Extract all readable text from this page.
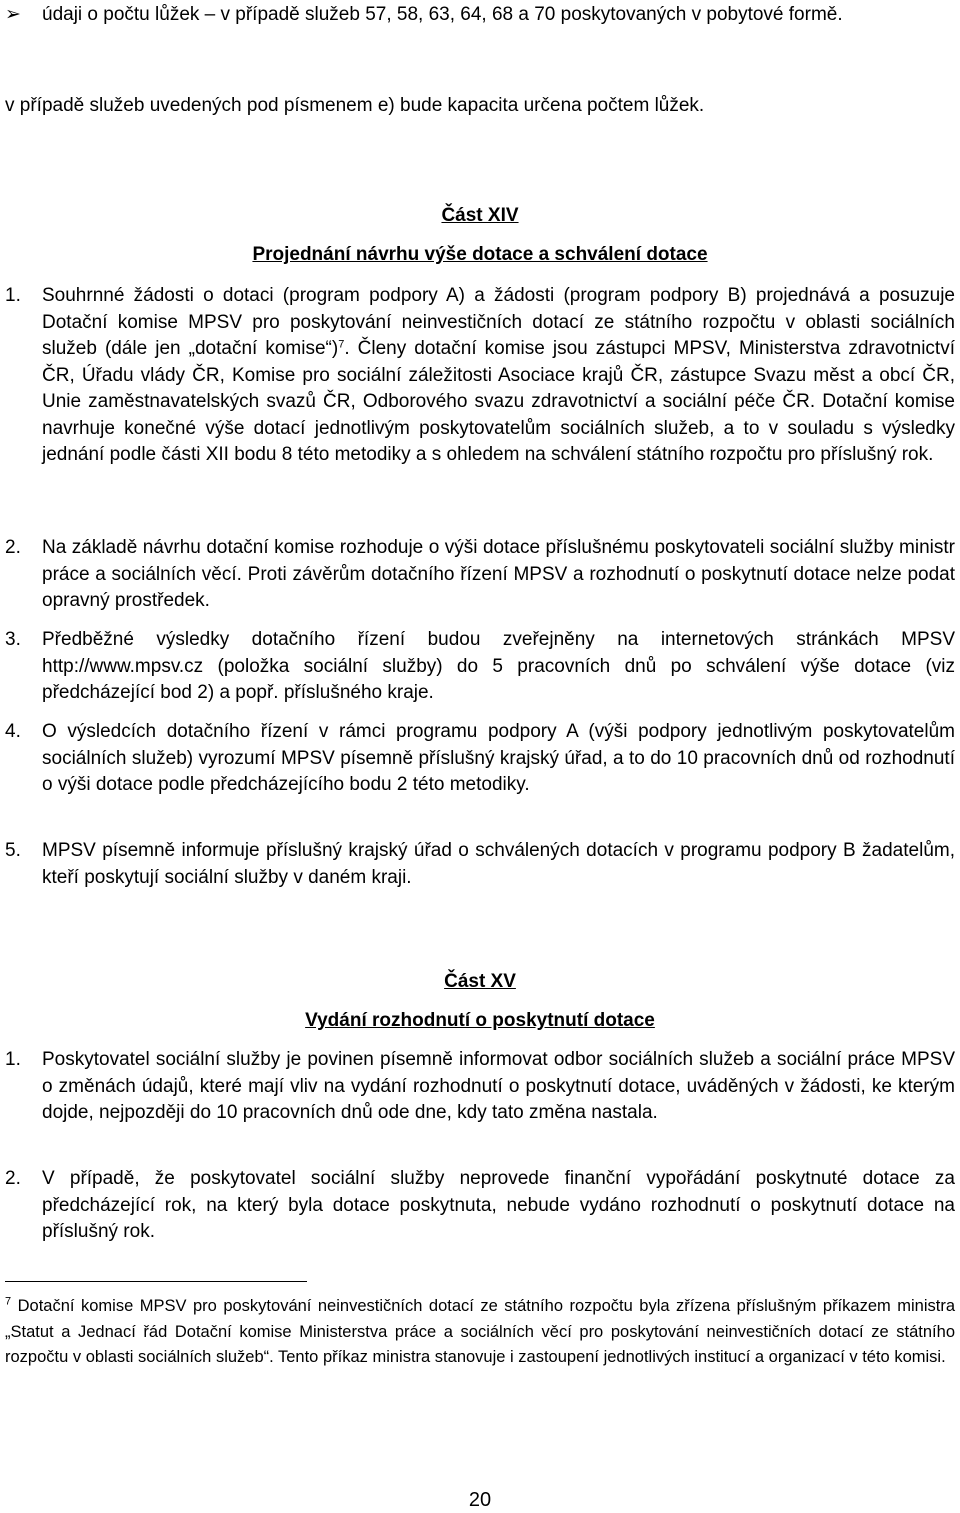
➢	údaji o počtu lůžek – v případě služeb 57, 58, 63, 64, 68 a 70 poskytovaných v pobytové formě.
v případě služeb uvedených pod písmenem e) bude kapacita určena počtem lůžek.
Část XIV
Projednání návrhu výše dotace a schválení dotace
1. Souhrnné žádosti o dotaci (program podpory A) a žádosti (program podpory B) projednává a posuzuje Dotační komise MPSV pro poskytování neinvestičních dotací ze státního rozpočtu v oblasti sociálních služeb (dále jen „dotační komise“)$^7$. Členy dotační komise jsou zástupci MPSV, Ministerstva zdravotnictví ČR, Úřadu vlády ČR, Komise pro sociální záležitosti Asociace krajů ČR, zástupce Svazu měst a obcí ČR, Unie zaměstnavatelských svazů ČR, Odborového svazu zdravotnictví a sociální péče ČR. Dotační komise navrhuje konečné výše dotací jednotlivým poskytovatelům sociálních služeb, a to v souladu s výsledky jednání podle části XII bodu 8 této metodiky a s ohledem na schválení státního rozpočtu pro příslušný rok.
2. Na základě návrhu dotační komise rozhoduje o výši dotace příslušnému poskytovateli sociální služby ministr práce a sociálních věcí. Proti závěrům dotačního řízení MPSV a rozhodnutí o poskytnutí dotace nelze podat opravný prostředek.
3. Předběžné výsledky dotačního řízení budou zveřejněny na internetových stránkách MPSV http://www.mpsv.cz (položka sociální služby) do 5 pracovních dnů po schválení výše dotace (viz předcházející bod 2) a popř. příslušného kraje.
4. O výsledcích dotačního řízení v rámci programu podpory A (výši podpory jednotlivým poskytovatelům sociálních služeb) vyrozumí MPSV písemně příslušný krajský úřad, a to do 10 pracovních dnů od rozhodnutí o výši dotace podle předcházejícího bodu 2 této metodiky.
5. MPSV písemně informuje příslušný krajský úřad o schválených dotacích v programu podpory B žadatelům, kteří poskytují sociální služby v daném kraji.
Část XV
Vydání rozhodnutí o poskytnutí dotace
1. Poskytovatel sociální služby je povinen písemně informovat odbor sociálních služeb a sociální práce MPSV o změnách údajů, které mají vliv na vydání rozhodnutí o poskytnutí dotace, uváděných v žádosti, ke kterým dojde, nejpozději do 10 pracovních dnů ode dne, kdy tato změna nastala.
2. V případě, že poskytovatel sociální služby neprovede finanční vypořádání poskytnuté dotace za předcházející rok, na který byla dotace poskytnuta, nebude vydáno rozhodnutí o poskytnutí dotace na příslušný rok.
$^7$ Dotační komise MPSV pro poskytování neinvestičních dotací ze státního rozpočtu byla zřízena příslušným příkazem ministra „Statut a Jednací řád Dotační komise Ministerstva práce a sociálních věcí pro poskytování neinvestičních dotací ze státního rozpočtu v oblasti sociálních služeb“. Tento příkaz ministra stanovuje i zastoupení jednotlivých institucí a organizací v této komisi.
20
